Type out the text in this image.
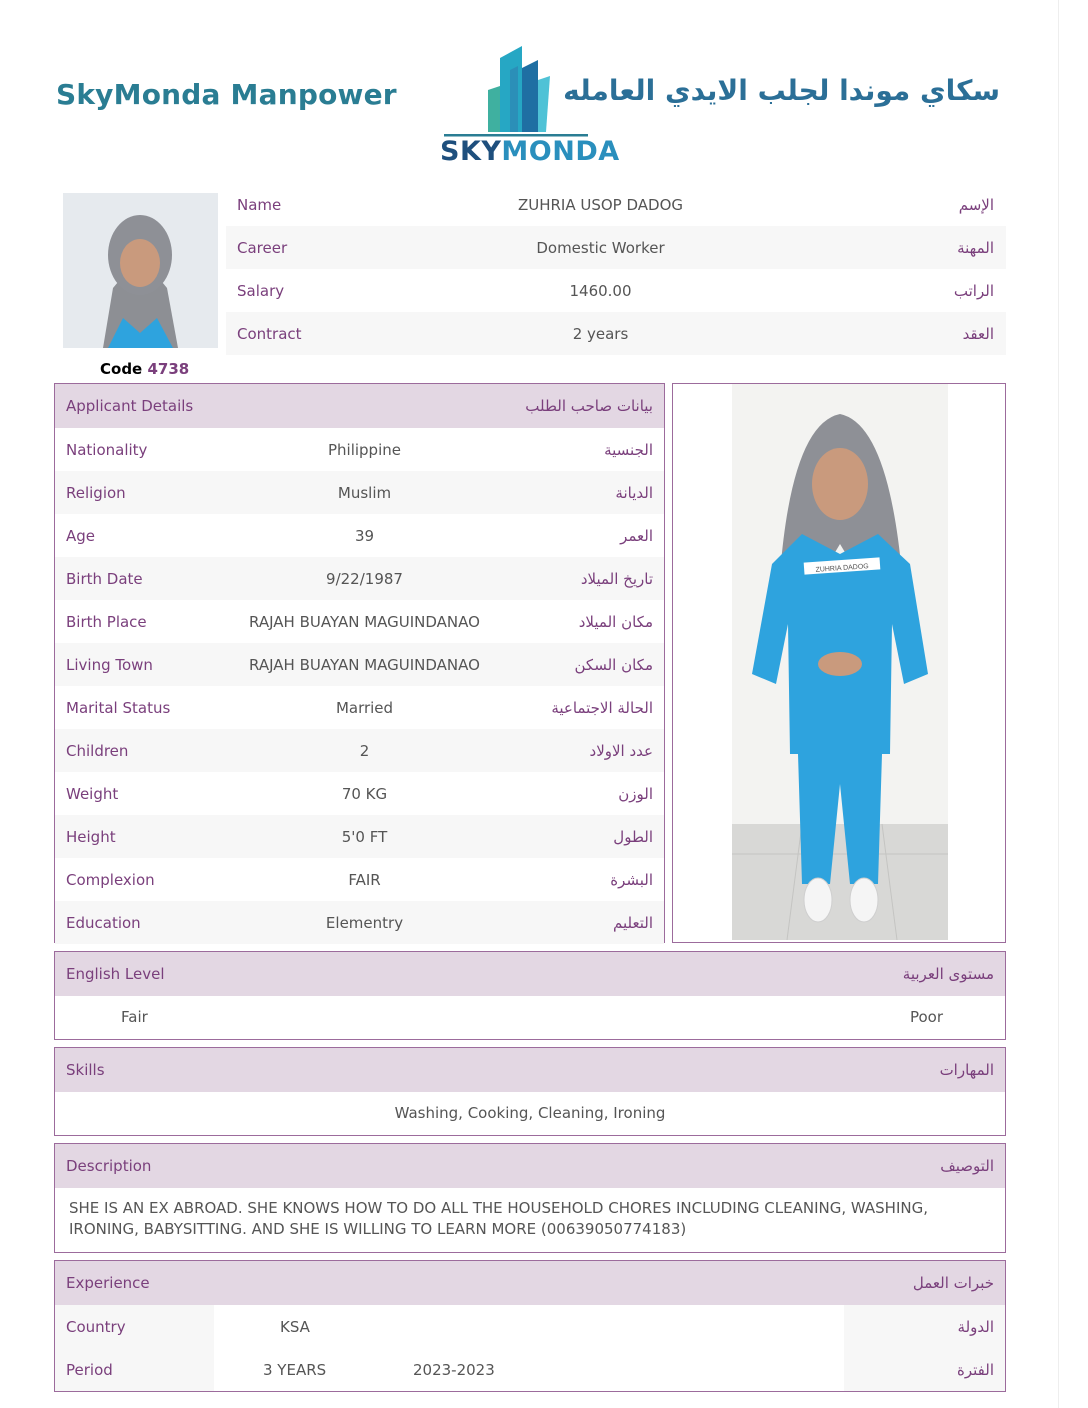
SkyMonda Manpower
SKYMONDA
سكاي موندا لجلب الايدي العامله
Code 4738
Name	ZUHRIA USOP DADOG	الإسم
Career	Domestic Worker	المهنة
Salary	1460.00	الراتب
Contract	2 years	العقد
Applicant Details	بيانات صاحب الطلب
Nationality	Philippine	الجنسية
Religion	Muslim	الديانة
Age	39	العمر
Birth Date	9/22/1987	تاريخ الميلاد
Birth Place	RAJAH BUAYAN MAGUINDANAO	مكان الميلاد
Living Town	RAJAH BUAYAN MAGUINDANAO	مكان السكن
Marital Status	Married	الحالة الاجتماعية
Children	2	عدد الاولاد
Weight	70 KG	الوزن
Height	5'0 FT	الطول
Complexion	FAIR	البشرة
Education	Elementry	التعليم
ZUHRIA DADOG
English Level	مستوى العربية
Fair	Poor
Skills	المهارات
Washing, Cooking, Cleaning, Ironing
Description	التوصيف
SHE IS AN EX ABROAD. SHE KNOWS HOW TO DO ALL THE HOUSEHOLD CHORES INCLUDING CLEANING, WASHING, IRONING, BABYSITTING. AND SHE IS WILLING TO LEARN MORE (00639050774183)
Experience	خبرات العمل
Country	KSA	الدولة
Period	3 YEARS	2023-2023	الفترة
